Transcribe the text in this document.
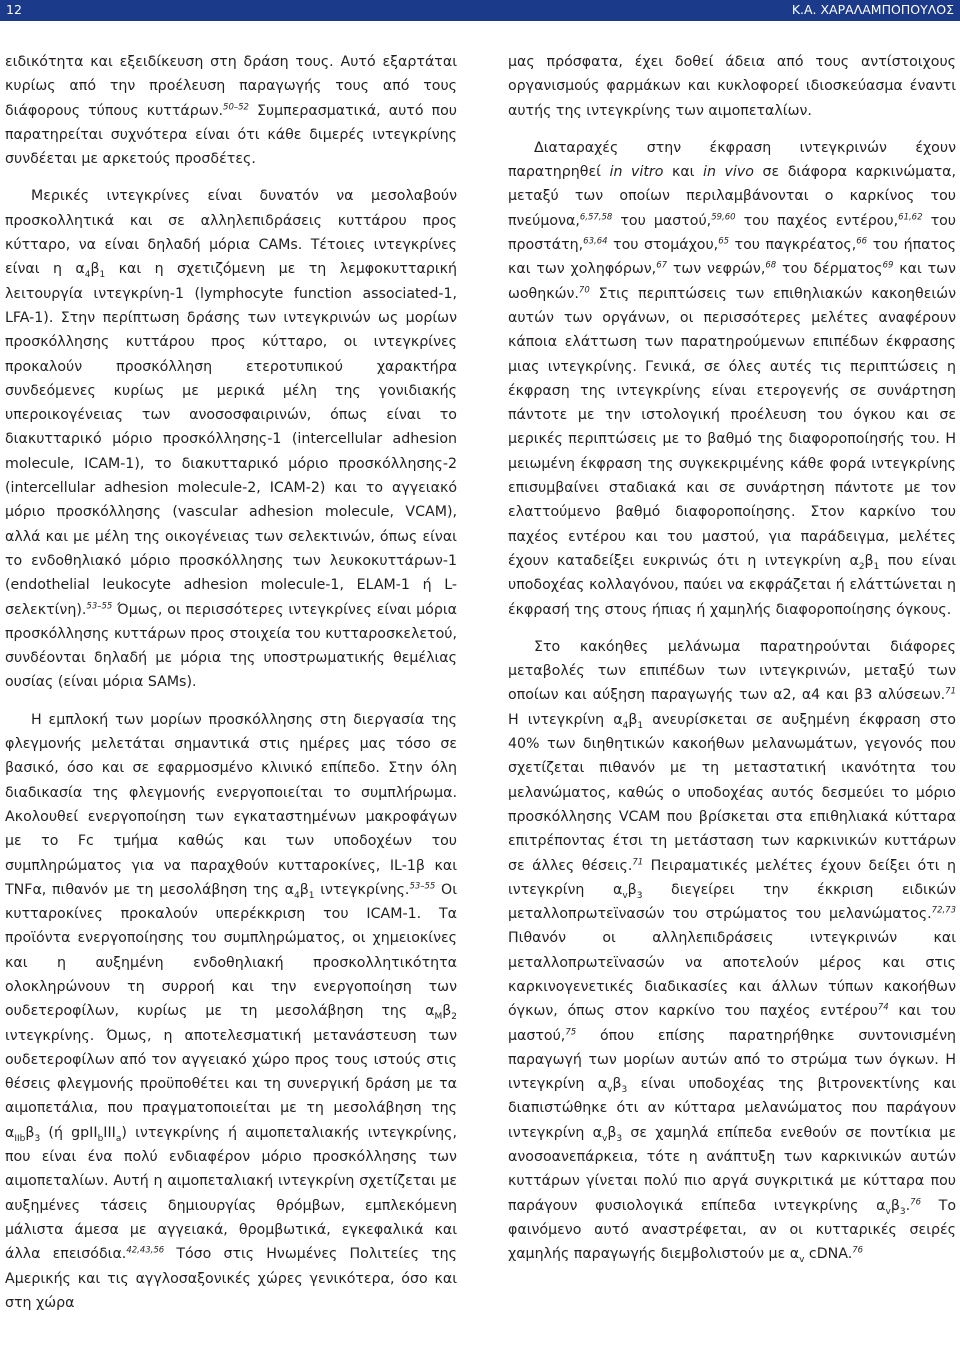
12	Κ.Α. ΧΑΡΑΛΑΜΠΟΠΟΥΛΟΣ

ειδικότητα και εξειδίκευση στη δράση τους. Αυτό εξαρτάται κυρίως από την προέλευση παραγωγής τους από τους διάφορους τύπους κυττάρων.$^{50-52}$ Συμπερασματικά, αυτό που παρατηρείται συχνότερα είναι ότι κάθε διμερές ιντεγκρίνης συνδέεται με αρκετούς προσδέτες.

Μερικές ιντεγκρίνες είναι δυνατόν να μεσολαβούν προσκολλητικά και σε αλληλεπιδράσεις κυττάρου προς κύτταρο, να είναι δηλαδή μόρια CAMs. Τέτοιες ιντεγκρίνες είναι η $\alpha_4\beta_1$ και η σχετιζόμενη με τη λεμφοκυτταρική λειτουργία ιντεγκρίνη-1 (lymphocyte function associated-1, LFA-1). Στην περίπτωση δράσης των ιντεγκρινών ως μορίων προσκόλλησης κυττάρου προς κύτταρο, οι ιντεγκρίνες προκαλούν προσκόλληση ετεροτυπικού χαρακτήρα συνδεόμενες κυρίως με μερικά μέλη της γονιδιακής υπεροικογένειας των ανοσοσφαιρινών, όπως είναι το διακυτταρικό μόριο προσκόλλησης-1 (intercellular adhesion molecule, ICAM-1), το διακυτταρικό μόριο προσκόλλησης-2 (intercellular adhesion molecule-2, ICAM-2) και το αγγειακό μόριο προσκόλλησης (vascular adhesion molecule, VCAM), αλλά και με μέλη της οικογένειας των σελεκτινών, όπως είναι το ενδοθηλιακό μόριο προσκόλλησης των λευκοκυττάρων-1 (endothelial leukocyte adhesion molecule-1, ELAM-1 ή L-σελεκτίνη).$^{53-55}$ Όμως, οι περισσότερες ιντεγκρίνες είναι μόρια προσκόλλησης κυττάρων προς στοιχεία του κυτταροσκελετού, συνδέονται δηλαδή με μόρια της υποστρωματικής θεμέλιας ουσίας (είναι μόρια SAMs).

Η εμπλοκή των μορίων προσκόλλησης στη διεργασία της φλεγμονής μελετάται σημαντικά στις ημέρες μας τόσο σε βασικό, όσο και σε εφαρμοσμένο κλινικό επίπεδο. Στην όλη διαδικασία της φλεγμονής ενεργοποιείται το συμπλήρωμα. Ακολουθεί ενεργοποίηση των εγκαταστημένων μακροφάγων με το Fc τμήμα καθώς και των υποδοχέων του συμπληρώματος για να παραχθούν κυτταροκίνες, IL-1β και TNFα, πιθανόν με τη μεσολάβηση της $\alpha_4\beta_1$ ιντεγκρίνης.$^{53-55}$ Οι κυτταροκίνες προκαλούν υπερέκκριση του ICAM-1. Τα προϊόντα ενεργοποίησης του συμπληρώματος, οι χημειοκίνες και η αυξημένη ενδοθηλιακή προσκολλητικότητα ολοκληρώνουν τη συρροή και την ενεργοποίηση των ουδετεροφίλων, κυρίως με τη μεσολάβηση της $\alpha_M\beta_2$ ιντεγκρίνης. Όμως, η αποτελεσματική μετανάστευση των ουδετεροφίλων από τον αγγειακό χώρο προς τους ιστούς στις θέσεις φλεγμονής προϋποθέτει και τη συνεργική δράση με τα αιμοπετάλια, που πραγματοποιείται με τη μεσολάβηση της $\alpha_{IIb}\beta_3$ (ή $gpII_bIII_a$) ιντεγκρίνης ή αιμοπεταλιακής ιντεγκρίνης, που είναι ένα πολύ ενδιαφέρον μόριο προσκόλλησης των αιμοπεταλίων. Αυτή η αιμοπεταλιακή ιντεγκρίνη σχετίζεται με αυξημένες τάσεις δημιουργίας θρόμβων, εμπλεκόμενη μάλιστα άμεσα με αγγειακά, θρομβωτικά, εγκεφαλικά και άλλα επεισόδια.$^{42,43,56}$ Τόσο στις Ηνωμένες Πολιτείες της Αμερικής και τις αγγλοσαξονικές χώρες γενικότερα, όσο και στη χώρα

μας πρόσφατα, έχει δοθεί άδεια από τους αντίστοιχους οργανισμούς φαρμάκων και κυκλοφορεί ιδιοσκεύασμα έναντι αυτής της ιντεγκρίνης των αιμοπεταλίων.

Διαταραχές στην έκφραση ιντεγκρινών έχουν παρατηρηθεί in vitro και in vivo σε διάφορα καρκινώματα, μεταξύ των οποίων περιλαμβάνονται ο καρκίνος του πνεύμονα,$^{6,57,58}$ του μαστού,$^{59,60}$ του παχέος εντέρου,$^{61,62}$ του προστάτη,$^{63,64}$ του στομάχου,$^{65}$ του παγκρέατος,$^{66}$ του ήπατος και των χοληφόρων,$^{67}$ των νεφρών,$^{68}$ του δέρματος$^{69}$ και των ωοθηκών.$^{70}$ Στις περιπτώσεις των επιθηλιακών κακοηθειών αυτών των οργάνων, οι περισσότερες μελέτες αναφέρουν κάποια ελάττωση των παρατηρούμενων επιπέδων έκφρασης μιας ιντεγκρίνης. Γενικά, σε όλες αυτές τις περιπτώσεις η έκφραση της ιντεγκρίνης είναι ετερογενής σε συνάρτηση πάντοτε με την ιστολογική προέλευση του όγκου και σε μερικές περιπτώσεις με το βαθμό της διαφοροποίησής του. Η μειωμένη έκφραση της συγκεκριμένης κάθε φορά ιντεγκρίνης επισυμβαίνει σταδιακά και σε συνάρτηση πάντοτε με τον ελαττούμενο βαθμό διαφοροποίησης. Στον καρκίνο του παχέος εντέρου και του μαστού, για παράδειγμα, μελέτες έχουν καταδείξει ευκρινώς ότι η ιντεγκρίνη $\alpha_2\beta_1$ που είναι υποδοχέας κολλαγόνου, παύει να εκφράζεται ή ελάττώνεται η έκφρασή της στους ήπιας ή χαμηλής διαφοροποίησης όγκους.

Στο κακόηθες μελάνωμα παρατηρούνται διάφορες μεταβολές των επιπέδων των ιντεγκρινών, μεταξύ των οποίων και αύξηση παραγωγής των α2, α4 και β3 αλύσεων.$^{71}$ Η ιντεγκρίνη $\alpha_4\beta_1$ ανευρίσκεται σε αυξημένη έκφραση στο 40% των διηθητικών κακοήθων μελανωμάτων, γεγονός που σχετίζεται πιθανόν με τη μεταστατική ικανότητα του μελανώματος, καθώς ο υποδοχέας αυτός δεσμεύει το μόριο προσκόλλησης VCAM που βρίσκεται στα επιθηλιακά κύτταρα επιτρέποντας έτσι τη μετάσταση των καρκινικών κυττάρων σε άλλες θέσεις.$^{71}$ Πειραματικές μελέτες έχουν δείξει ότι η ιντεγκρίνη $\alpha_v\beta_3$ διεγείρει την έκκριση ειδικών μεταλλοπρωτεϊνασών του στρώματος του μελανώματος.$^{72,73}$ Πιθανόν οι αλληλεπιδράσεις ιντεγκρινών και μεταλλοπρωτεϊνασών να αποτελούν μέρος και στις καρκινογενετικές διαδικασίες και άλλων τύπων κακοήθων όγκων, όπως στον καρκίνο του παχέος εντέρου$^{74}$ και του μαστού,$^{75}$ όπου επίσης παρατηρήθηκε συντονισμένη παραγωγή των μορίων αυτών από το στρώμα των όγκων. Η ιντεγκρίνη $\alpha_v\beta_3$ είναι υποδοχέας της βιτρονεκτίνης και διαπιστώθηκε ότι αν κύτταρα μελανώματος που παράγουν ιντεγκρίνη $\alpha_v\beta_3$ σε χαμηλά επίπεδα ενεθούν σε ποντίκια με ανοσοανεπάρκεια, τότε η ανάπτυξη των καρκινικών αυτών κυττάρων γίνεται πολύ πιο αργά συγκριτικά με κύτταρα που παράγουν φυσιολογικά επίπεδα ιντεγκρίνης $\alpha_v\beta_3.^{76}$ Το φαινόμενο αυτό αναστρέφεται, αν οι κυτταρικές σειρές χαμηλής παραγωγής διεμβολιστούν με $\alpha_v$ cDNA.$^{76}$
